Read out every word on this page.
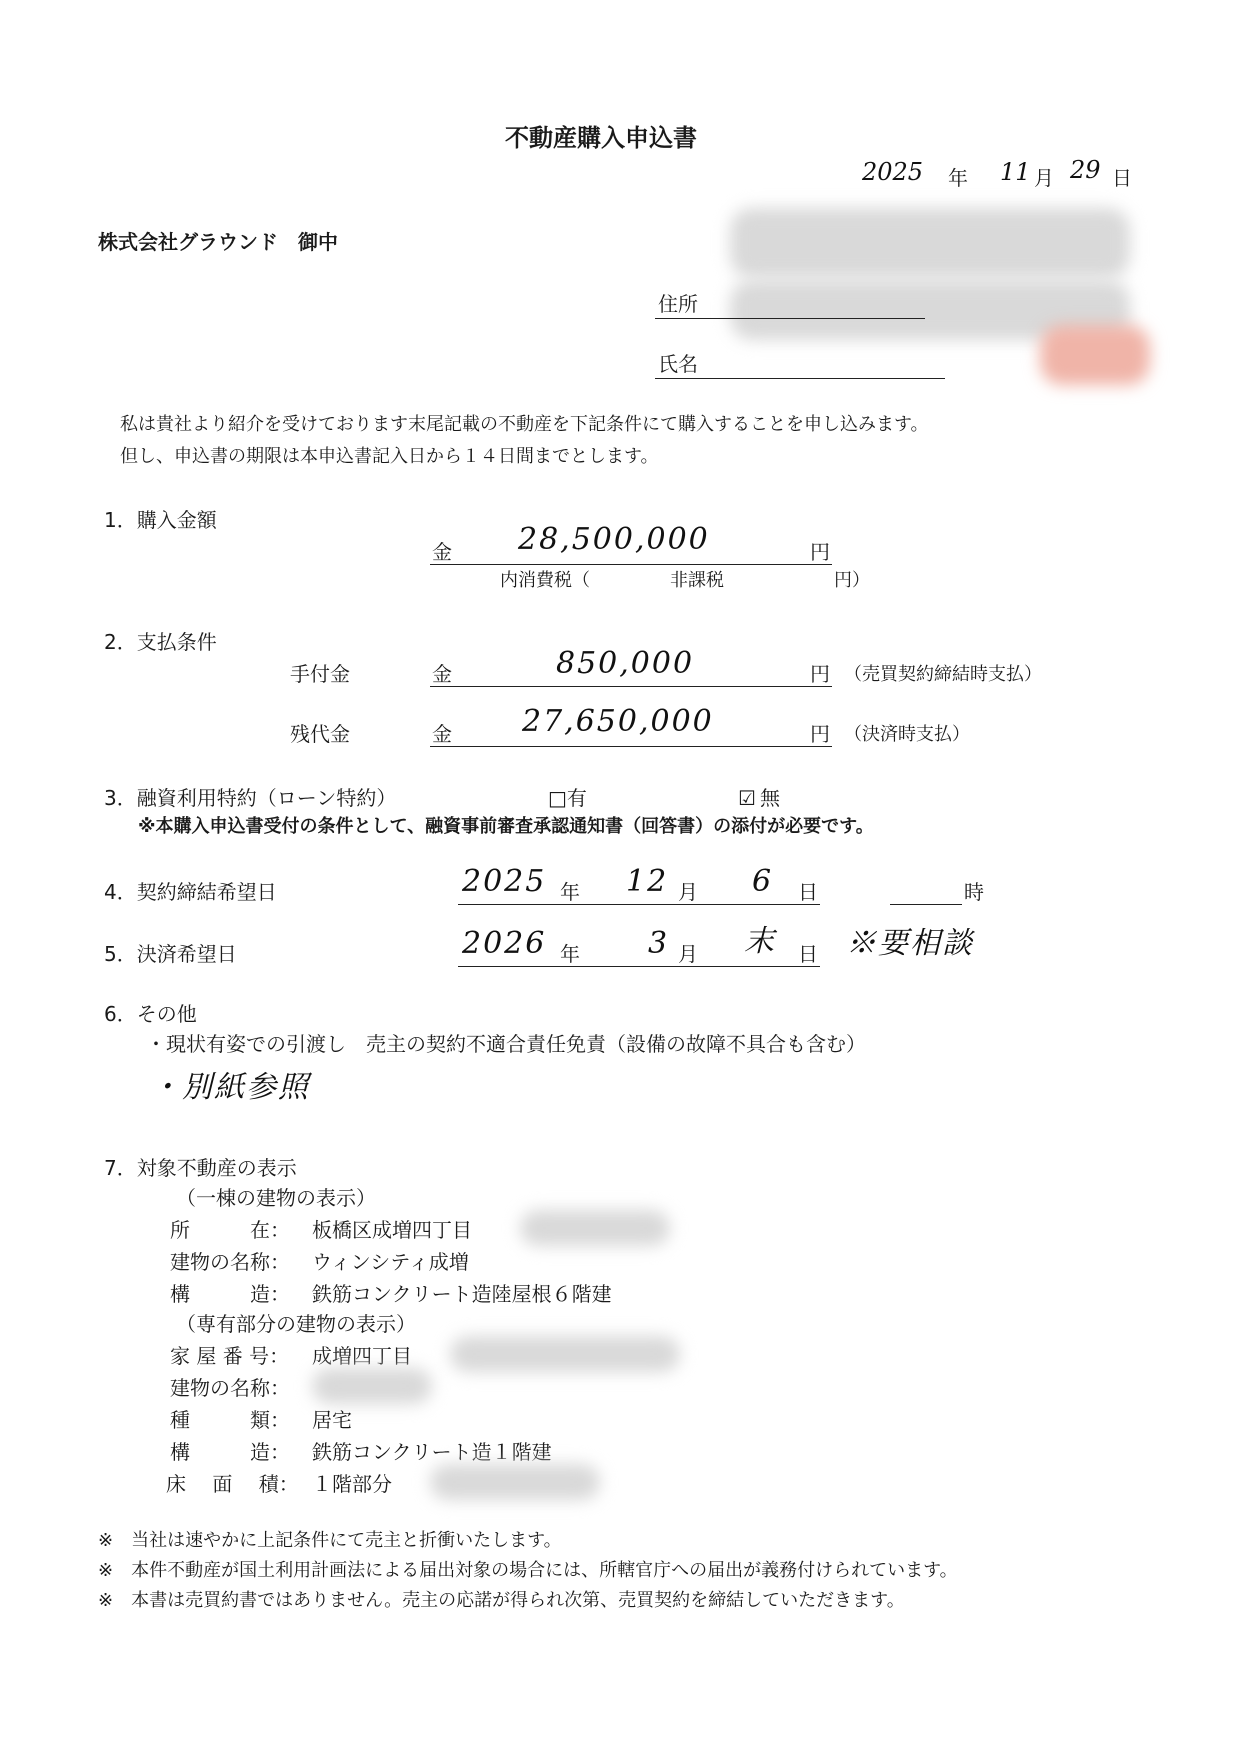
不動産購入申込書
2025 年 11 月 29 日
株式会社グラウンド　御中
住所
氏名
私は貴社より紹介を受けております末尾記載の不動産を下記条件にて購入することを申し込みます。
但し、申込書の期限は本申込書記入日から１４日間までとします。
1．購入金額
金 28,500,000	円
内消費税（	非課税	円）
2．支払条件
手付金	金	850,000	円 （売買契約締結時支払）
残代金	金 27,650,000	円 （決済時支払）
3．融資利用特約（ローン特約）	□有	☑ 無
※本購入申込書受付の条件として、融資事前審査承認通知書（回答書）の添付が必要です。
4．契約締結希望日	2025 年 12 月 6 日	時
5．決済希望日	2026 年 3 月 末 日 ※要相談
6．その他
・現状有姿での引渡し　売主の契約不適合責任免責（設備の故障不具合も含む）
・別紙参照
7．対象不動産の表示
（一棟の建物の表示）
所　　　在： 板橋区成増四丁目
建物の名称： ウィンシティ成増
構　　　造： 鉄筋コンクリート造陸屋根６階建
（専有部分の建物の表示）
家 屋 番 号： 成増四丁目
建物の名称：
種　　　類： 居宅
構　　　造： 鉄筋コンクリート造１階建
床　 面　 積： １階部分
※　当社は速やかに上記条件にて売主と折衝いたします。
※　本件不動産が国土利用計画法による届出対象の場合には、所轄官庁への届出が義務付けられています。
※　本書は売買約書ではありません。売主の応諾が得られ次第、売買契約を締結していただきます。
